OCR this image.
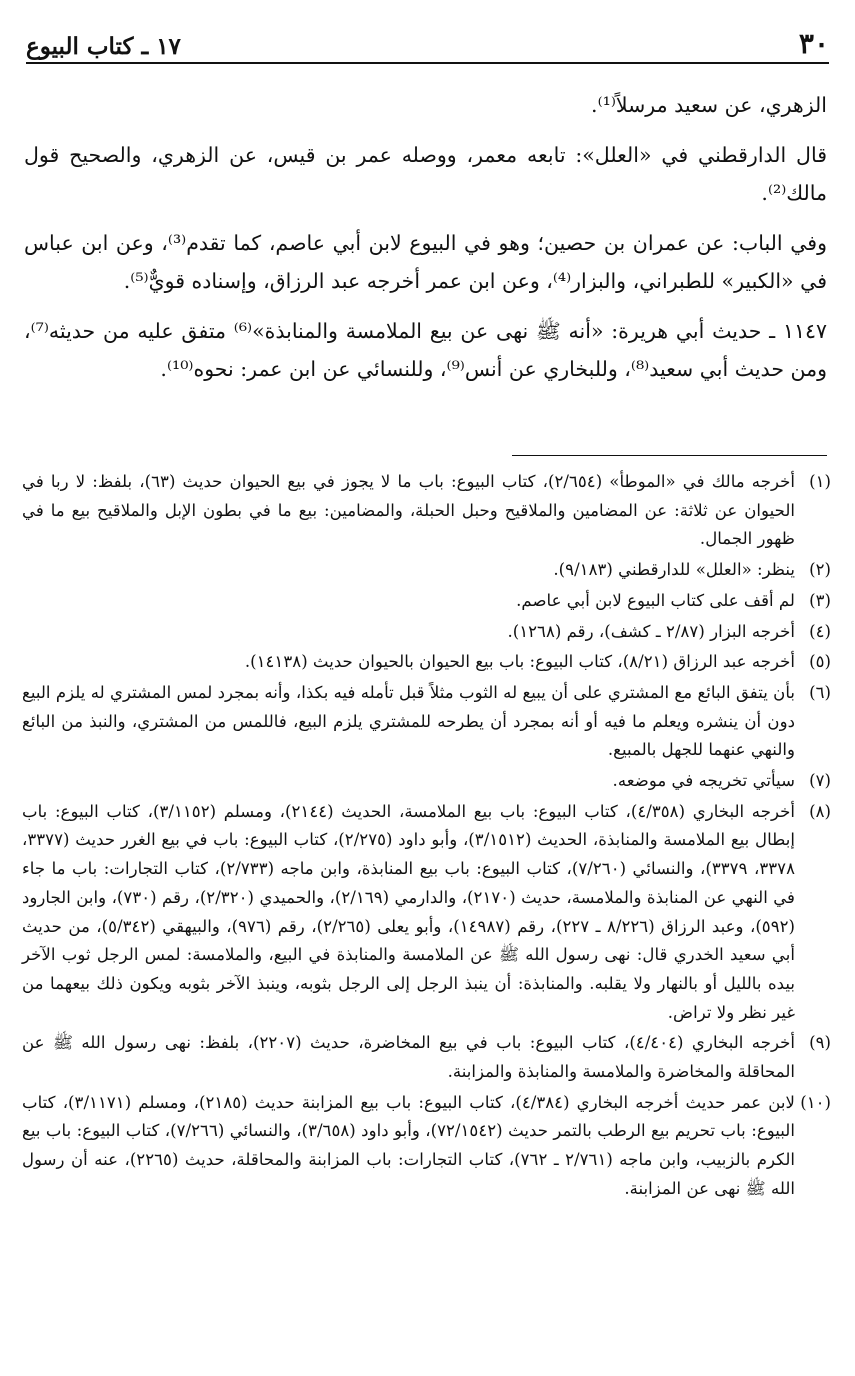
٣٠
١٧ ـ كتاب البيوع

الزهري، عن سعيد مرسلاً⁽¹⁾.

قال الدارقطني في «العلل»: تابعه معمر، ووصله عمر بن قيس، عن الزهري، والصحيح قول مالك⁽²⁾.

وفي الباب: عن عمران بن حصين؛ وهو في البيوع لابن أبي عاصم، كما تقدم⁽³⁾، وعن ابن عباس في «الكبير» للطبراني، والبزار⁽⁴⁾، وعن ابن عمر أخرجه عبد الرزاق، وإسناده قويٌّ⁽⁵⁾.

١١٤٧ ـ حديث أبي هريرة: «أنه ﷺ نهى عن بيع الملامسة والمنابذة»⁽⁶⁾ متفق عليه من حديثه⁽⁷⁾، ومن حديث أبي سعيد⁽⁸⁾، وللبخاري عن أنس⁽⁹⁾، وللنسائي عن ابن عمر: نحوه⁽¹⁰⁾.

(١)
أخرجه مالك في «الموطأ» (٢/٦٥٤)، كتاب البيوع: باب ما لا يجوز في بيع الحيوان حديث (٦٣)، بلفظ: لا ربا في الحيوان عن ثلاثة: عن المضامين والملاقيح وحبل الحبلة، والمضامين: بيع ما في بطون الإبل والملاقيح بيع ما في ظهور الجمال.
(٢)
ينظر: «العلل» للدارقطني (٩/١٨٣).
(٣)
لم أقف على كتاب البيوع لابن أبي عاصم.
(٤)
أخرجه البزار (٢/٨٧ ـ كشف)، رقم (١٢٦٨).
(٥)
أخرجه عبد الرزاق (٨/٢١)، كتاب البيوع: باب بيع الحيوان بالحيوان حديث (١٤١٣٨).
(٦)
بأن يتفق البائع مع المشتري على أن يبيع له الثوب مثلاً قبل تأمله فيه بكذا، وأنه بمجرد لمس المشتري له يلزم البيع دون أن ينشره ويعلم ما فيه أو أنه بمجرد أن يطرحه للمشتري يلزم البيع، فاللمس من المشتري، والنبذ من البائع والنهي عنهما للجهل بالمبيع.
(٧)
سيأتي تخريجه في موضعه.
(٨)
أخرجه البخاري (٤/٣٥٨)، كتاب البيوع: باب بيع الملامسة، الحديث (٢١٤٤)، ومسلم (٣/١١٥٢)، كتاب البيوع: باب إبطال بيع الملامسة والمنابذة، الحديث (٣/١٥١٢)، وأبو داود (٢/٢٧٥)، كتاب البيوع: باب في بيع الغرر حديث (٣٣٧٧، ٣٣٧٨، ٣٣٧٩)، والنسائي (٧/٢٦٠)، كتاب البيوع: باب بيع المنابذة، وابن ماجه (٢/٧٣٣)، كتاب التجارات: باب ما جاء في النهي عن المنابذة والملامسة، حديث (٢١٧٠)، والدارمي (٢/١٦٩)، والحميدي (٢/٣٢٠)، رقم (٧٣٠)، وابن الجارود (٥٩٢)، وعبد الرزاق (٨/٢٢٦ ـ ٢٢٧)، رقم (١٤٩٨٧)، وأبو يعلى (٢/٢٦٥)، رقم (٩٧٦)، والبيهقي (٥/٣٤٢)، من حديث أبي سعيد الخدري قال: نهى رسول الله ﷺ عن الملامسة والمنابذة في البيع، والملامسة: لمس الرجل ثوب الآخر بيده بالليل أو بالنهار ولا يقلبه. والمنابذة: أن ينبذ الرجل إلى الرجل بثوبه، وينبذ الآخر بثوبه ويكون ذلك بيعهما من غير نظر ولا تراض.
(٩)
أخرجه البخاري (٤/٤٠٤)، كتاب البيوع: باب في بيع المخاضرة، حديث (٢٢٠٧)، بلفظ: نهى رسول الله ﷺ عن المحاقلة والمخاضرة والملامسة والمنابذة والمزابنة.
(١٠)
لابن عمر حديث أخرجه البخاري (٤/٣٨٤)، كتاب البيوع: باب بيع المزابنة حديث (٢١٨٥)، ومسلم (٣/١١٧١)، كتاب البيوع: باب تحريم بيع الرطب بالتمر حديث (٧٢/١٥٤٢)، وأبو داود (٣/٦٥٨)، والنسائي (٧/٢٦٦)، كتاب البيوع: باب بيع الكرم بالزبيب، وابن ماجه (٢/٧٦١ ـ ٧٦٢)، كتاب التجارات: باب المزابنة والمحاقلة، حديث (٢٢٦٥)، عنه أن رسول الله ﷺ نهى عن المزابنة.
